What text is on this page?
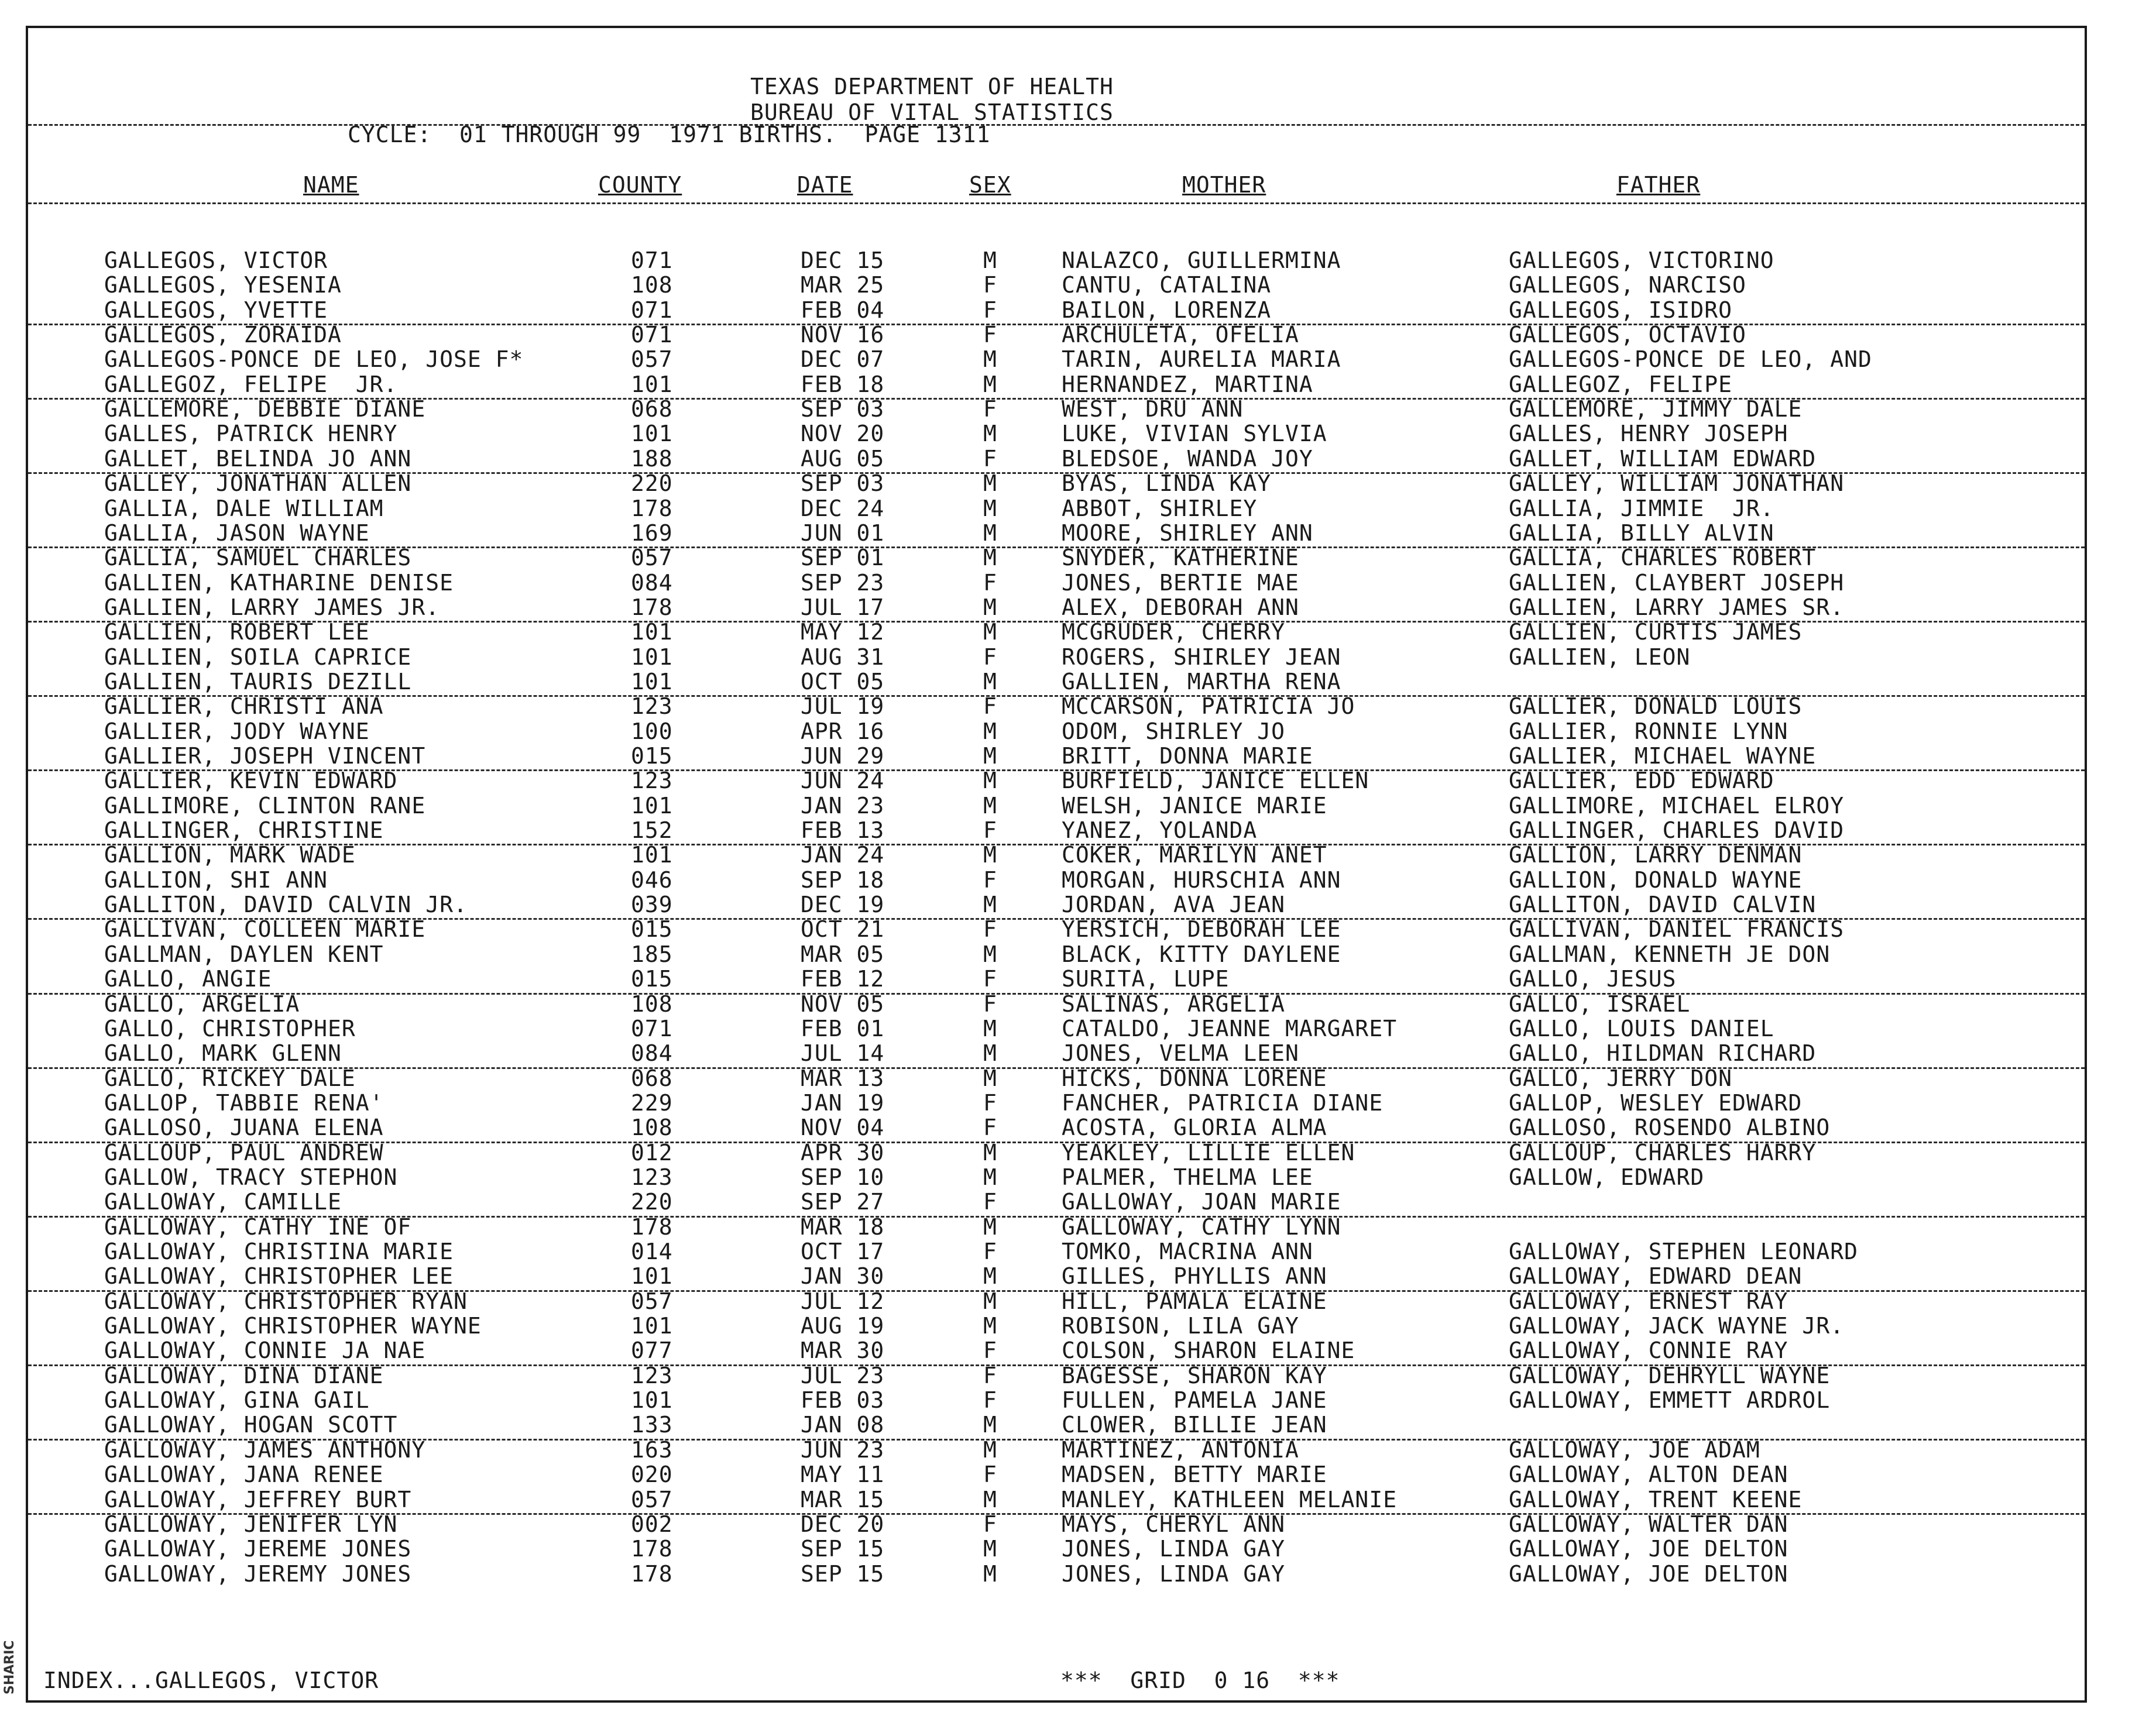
TEXAS DEPARTMENT OF HEALTH
BUREAU OF VITAL STATISTICS
CYCLE:  01 THROUGH 99  1971 BIRTHS.  PAGE 1311
NAME	COUNTY	DATE	SEX	MOTHER	FATHER
GALLEGOS, VICTOR	071	DEC 15	M	NALAZCO, GUILLERMINA	GALLEGOS, VICTORINO
GALLEGOS, YESENIA	108	MAR 25	F	CANTU, CATALINA	GALLEGOS, NARCISO
GALLEGOS, YVETTE	071	FEB 04	F	BAILON, LORENZA	GALLEGOS, ISIDRO
GALLEGOS, ZORAIDA	071	NOV 16	F	ARCHULETA, OFELIA	GALLEGOS, OCTAVIO
GALLEGOS-PONCE DE LEO, JOSE F*	057	DEC 07	M	TARIN, AURELIA MARIA	GALLEGOS-PONCE DE LEO, AND
GALLEGOZ, FELIPE  JR.	101	FEB 18	M	HERNANDEZ, MARTINA	GALLEGOZ, FELIPE
GALLEMORE, DEBBIE DIANE	068	SEP 03	F	WEST, DRU ANN	GALLEMORE, JIMMY DALE
GALLES, PATRICK HENRY	101	NOV 20	M	LUKE, VIVIAN SYLVIA	GALLES, HENRY JOSEPH
GALLET, BELINDA JO ANN	188	AUG 05	F	BLEDSOE, WANDA JOY	GALLET, WILLIAM EDWARD
GALLEY, JONATHAN ALLEN	220	SEP 03	M	BYAS, LINDA KAY	GALLEY, WILLIAM JONATHAN
GALLIA, DALE WILLIAM	178	DEC 24	M	ABBOT, SHIRLEY	GALLIA, JIMMIE  JR.
GALLIA, JASON WAYNE	169	JUN 01	M	MOORE, SHIRLEY ANN	GALLIA, BILLY ALVIN
GALLIA, SAMUEL CHARLES	057	SEP 01	M	SNYDER, KATHERINE	GALLIA, CHARLES ROBERT
GALLIEN, KATHARINE DENISE	084	SEP 23	F	JONES, BERTIE MAE	GALLIEN, CLAYBERT JOSEPH
GALLIEN, LARRY JAMES JR.	178	JUL 17	M	ALEX, DEBORAH ANN	GALLIEN, LARRY JAMES SR.
GALLIEN, ROBERT LEE	101	MAY 12	M	MCGRUDER, CHERRY	GALLIEN, CURTIS JAMES
GALLIEN, SOILA CAPRICE	101	AUG 31	F	ROGERS, SHIRLEY JEAN	GALLIEN, LEON
GALLIEN, TAURIS DEZILL	101	OCT 05	M	GALLIEN, MARTHA RENA
GALLIER, CHRISTI ANA	123	JUL 19	F	MCCARSON, PATRICIA JO	GALLIER, DONALD LOUIS
GALLIER, JODY WAYNE	100	APR 16	M	ODOM, SHIRLEY JO	GALLIER, RONNIE LYNN
GALLIER, JOSEPH VINCENT	015	JUN 29	M	BRITT, DONNA MARIE	GALLIER, MICHAEL WAYNE
GALLIER, KEVIN EDWARD	123	JUN 24	M	BURFIELD, JANICE ELLEN	GALLIER, EDD EDWARD
GALLIMORE, CLINTON RANE	101	JAN 23	M	WELSH, JANICE MARIE	GALLIMORE, MICHAEL ELROY
GALLINGER, CHRISTINE	152	FEB 13	F	YANEZ, YOLANDA	GALLINGER, CHARLES DAVID
GALLION, MARK WADE	101	JAN 24	M	COKER, MARILYN ANET	GALLION, LARRY DENMAN
GALLION, SHI ANN	046	SEP 18	F	MORGAN, HURSCHIA ANN	GALLION, DONALD WAYNE
GALLITON, DAVID CALVIN JR.	039	DEC 19	M	JORDAN, AVA JEAN	GALLITON, DAVID CALVIN
GALLIVAN, COLLEEN MARIE	015	OCT 21	F	YERSICH, DEBORAH LEE	GALLIVAN, DANIEL FRANCIS
GALLMAN, DAYLEN KENT	185	MAR 05	M	BLACK, KITTY DAYLENE	GALLMAN, KENNETH JE DON
GALLO, ANGIE	015	FEB 12	F	SURITA, LUPE	GALLO, JESUS
GALLO, ARGELIA	108	NOV 05	F	SALINAS, ARGELIA	GALLO, ISRAEL
GALLO, CHRISTOPHER	071	FEB 01	M	CATALDO, JEANNE MARGARET	GALLO, LOUIS DANIEL
GALLO, MARK GLENN	084	JUL 14	M	JONES, VELMA LEEN	GALLO, HILDMAN RICHARD
GALLO, RICKEY DALE	068	MAR 13	M	HICKS, DONNA LORENE	GALLO, JERRY DON
GALLOP, TABBIE RENA'	229	JAN 19	F	FANCHER, PATRICIA DIANE	GALLOP, WESLEY EDWARD
GALLOSO, JUANA ELENA	108	NOV 04	F	ACOSTA, GLORIA ALMA	GALLOSO, ROSENDO ALBINO
GALLOUP, PAUL ANDREW	012	APR 30	M	YEAKLEY, LILLIE ELLEN	GALLOUP, CHARLES HARRY
GALLOW, TRACY STEPHON	123	SEP 10	M	PALMER, THELMA LEE	GALLOW, EDWARD
GALLOWAY, CAMILLE	220	SEP 27	F	GALLOWAY, JOAN MARIE
GALLOWAY, CATHY INE OF	178	MAR 18	M	GALLOWAY, CATHY LYNN
GALLOWAY, CHRISTINA MARIE	014	OCT 17	F	TOMKO, MACRINA ANN	GALLOWAY, STEPHEN LEONARD
GALLOWAY, CHRISTOPHER LEE	101	JAN 30	M	GILLES, PHYLLIS ANN	GALLOWAY, EDWARD DEAN
GALLOWAY, CHRISTOPHER RYAN	057	JUL 12	M	HILL, PAMALA ELAINE	GALLOWAY, ERNEST RAY
GALLOWAY, CHRISTOPHER WAYNE	101	AUG 19	M	ROBISON, LILA GAY	GALLOWAY, JACK WAYNE JR.
GALLOWAY, CONNIE JA NAE	077	MAR 30	F	COLSON, SHARON ELAINE	GALLOWAY, CONNIE RAY
GALLOWAY, DINA DIANE	123	JUL 23	F	BAGESSE, SHARON KAY	GALLOWAY, DEHRYLL WAYNE
GALLOWAY, GINA GAIL	101	FEB 03	F	FULLEN, PAMELA JANE	GALLOWAY, EMMETT ARDROL
GALLOWAY, HOGAN SCOTT	133	JAN 08	M	CLOWER, BILLIE JEAN
GALLOWAY, JAMES ANTHONY	163	JUN 23	M	MARTINEZ, ANTONIA	GALLOWAY, JOE ADAM
GALLOWAY, JANA RENEE	020	MAY 11	F	MADSEN, BETTY MARIE	GALLOWAY, ALTON DEAN
GALLOWAY, JEFFREY BURT	057	MAR 15	M	MANLEY, KATHLEEN MELANIE	GALLOWAY, TRENT KEENE
GALLOWAY, JENIFER LYN	002	DEC 20	F	MAYS, CHERYL ANN	GALLOWAY, WALTER DAN
GALLOWAY, JEREME JONES	178	SEP 15	M	JONES, LINDA GAY	GALLOWAY, JOE DELTON
GALLOWAY, JEREMY JONES	178	SEP 15	M	JONES, LINDA GAY	GALLOWAY, JOE DELTON
INDEX...GALLEGOS, VICTOR	***  GRID  0 16  ***
SHARIC
